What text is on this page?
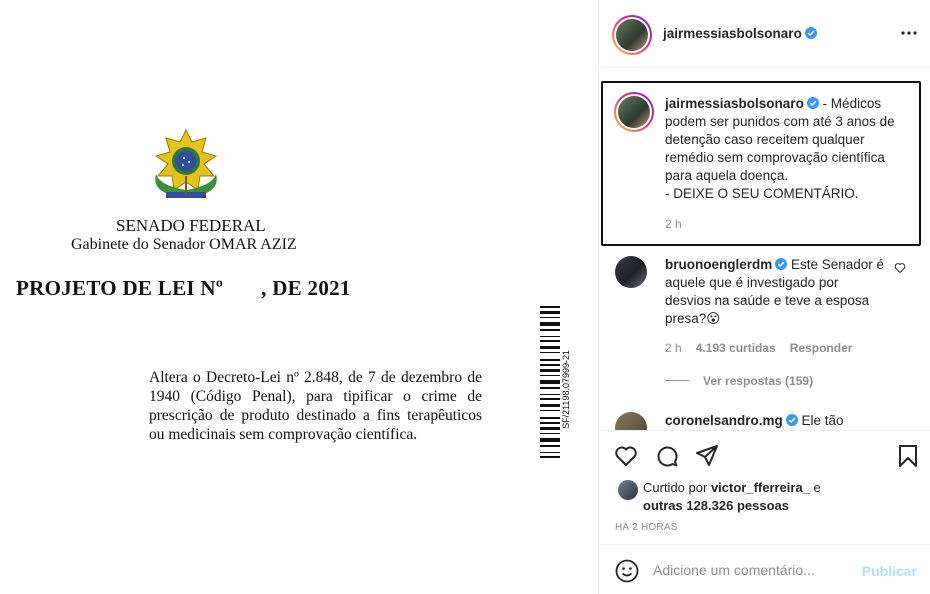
SENADO FEDERAL
Gabinete do Senador OMAR AZIZ
PROJETO DE LEI Nº , DE 2021
Altera o Decreto-Lei nº 2.848, de 7 de dezembro de 1940 (Código Penal), para tipificar o crime de prescrição de produto destinado a fins terapêuticos ou medicinais sem comprovação científica.
SF/21198.07999-21
jairmessiasbolsonaro
jairmessiasbolsonaro - Médicos podem ser punidos com até 3 anos de detenção caso receitem qualquer remédio sem comprovação científica para aquela doença.
- DEIXE O SEU COMENTÁRIO.
2 h
bruonoenglerdm Este Senador é aquele que é investigado por desvios na saúde e teve a esposa presa?😮
2 h 4.193 curtidas Responder
Ver respostas (159)
coronelsandro.mg Ele tão
Curtido por victor_fferreira_ e
outras 128.326 pessoas
HÁ 2 HORAS
Adicione um comentário...
Publicar
